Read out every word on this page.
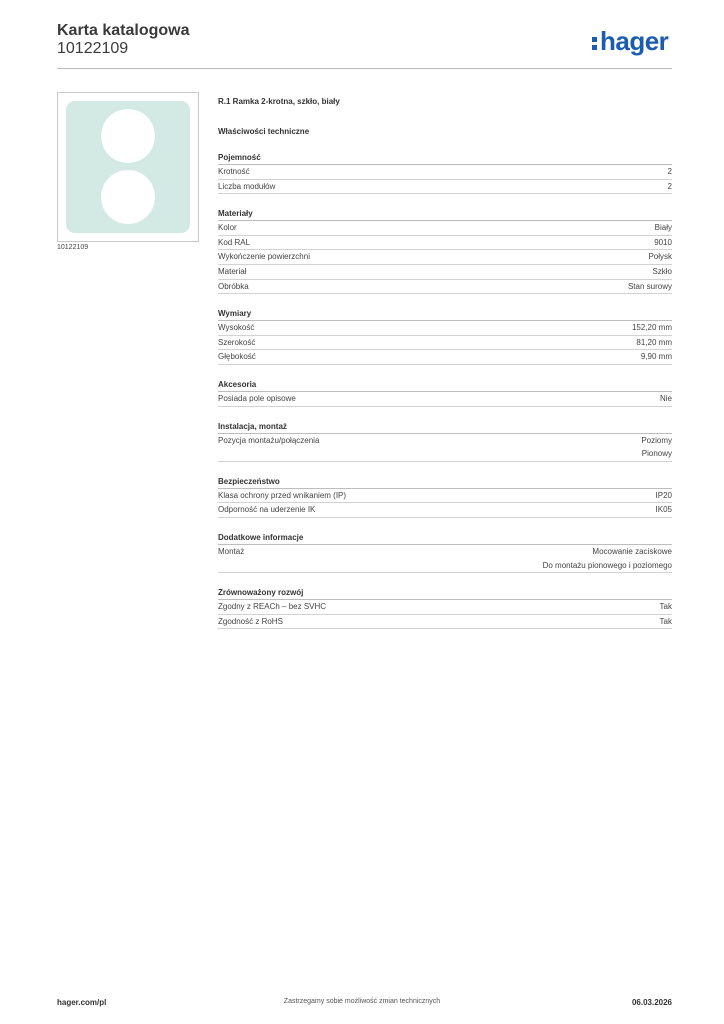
Karta katalogowa
10122109	hager
10122109
R.1 Ramka 2-krotna, szkło, biały
Właściwości techniczne
Pojemność
Krotność	2
Liczba modułów	2
Materiały
Kolor	Biały
Kod RAL	9010
Wykończenie powierzchni	Połysk
Materiał	Szkło
Obróbka	Stan surowy
Wymiary
Wysokość	152,20 mm
Szerokość	81,20 mm
Głębokość	9,90 mm
Akcesoria
Posiada pole opisowe	Nie
Instalacja, montaż
Pozycja montażu/połączenia	Poziomy
Pionowy
Bezpieczeństwo
Klasa ochrony przed wnikaniem (IP)	IP20
Odporność na uderzenie IK	IK05
Dodatkowe informacje
Montaż	Mocowanie zaciskowe
Do montażu pionowego i poziomego
Zrównoważony rozwój
Zgodny z REACh – bez SVHC	Tak
Zgodność z RoHS	Tak
hager.com/pl	Zastrzegamy sobie możliwość zmian technicznych	06.03.2026
